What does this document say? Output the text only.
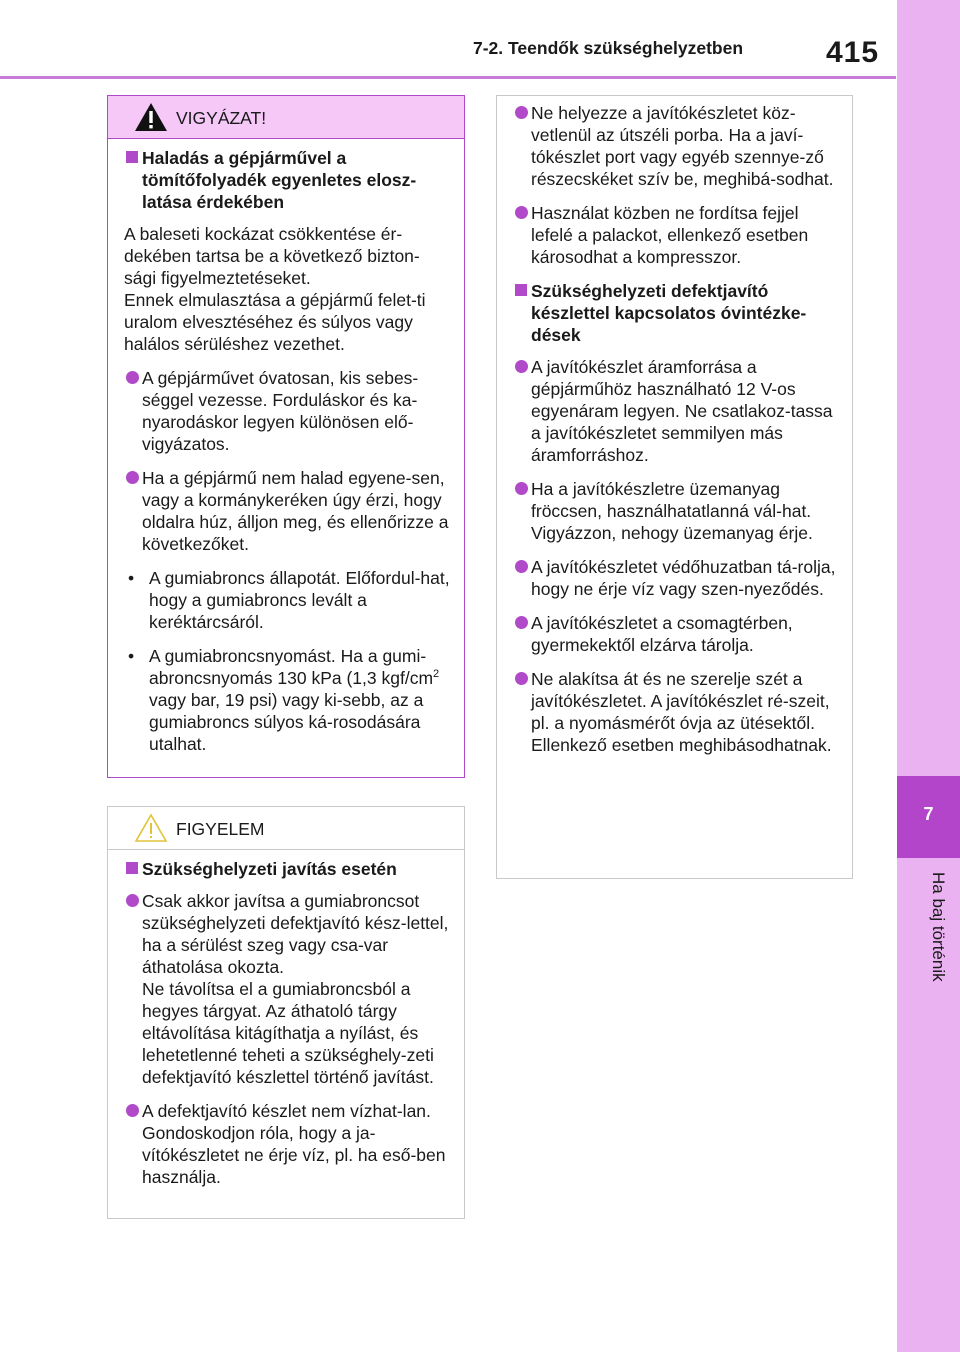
7-2. Teendők szükséghelyzetben	415
7
Ha baj történik
VIGYÁZAT!
Haladás a gépjárművel a tömítőfolyadék egyenletes elosz-latása érdekében

A baleseti kockázat csökkentése ér-dekében tartsa be a következő bizton-sági figyelmeztetéseket.

Ennek elmulasztása a gépjármű felet-ti uralom elvesztéséhez és súlyos vagy halálos sérüléshez vezethet.

A gépjárművet óvatosan, kis sebes-séggel vezesse. Forduláskor és ka-nyarodáskor legyen különösen elő-vigyázatos.
Ha a gépjármű nem halad egyene-sen, vagy a kormánykeréken úgy érzi, hogy oldalra húz, álljon meg, és ellenőrizze a következőket.
• A gumiabroncs állapotát. Előfordul-hat, hogy a gumiabroncs levált a keréktárcsáról.
• A gumiabroncsnyomást. Ha a gumi-abroncsnyomás 130 kPa (1,3 kgf/$cm^2$ vagy bar, 19 psi) vagy ki-sebb, az a gumiabroncs súlyos ká-rosodására utalhat.
FIGYELEM
Szükséghelyzeti javítás esetén
Csak akkor javítsa a gumiabroncsot szükséghelyzeti defektjavító kész-lettel, ha a sérülést szeg vagy csa-var áthatolása okozta.
Ne távolítsa el a gumiabroncsból a hegyes tárgyat. Az áthatoló tárgy eltávolítása kitágíthatja a nyílást, és lehetetlenné teheti a szükséghely-zeti defektjavító készlettel történő javítást.
A defektjavító készlet nem vízhat-lan. Gondoskodjon róla, hogy a ja-vítókészletet ne érje víz, pl. ha eső-ben használja.
Ne helyezze a javítókészletet köz-vetlenül az útszéli porba. Ha a javí-tókészlet port vagy egyéb szennye-ző részecskéket szív be, meghibá-sodhat.
Használat közben ne fordítsa fejjel lefelé a palackot, ellenkező esetben károsodhat a kompresszor.
Szükséghelyzeti defektjavító készlettel kapcsolatos óvintézke-dések
A javítókészlet áramforrása a gépjárműhöz használható 12 V-os egyenáram legyen. Ne csatlakoz-tassa a javítókészletet semmilyen más áramforráshoz.
Ha a javítókészletre üzemanyag fröccsen, használhatatlanná vál-hat. Vigyázzon, nehogy üzemanyag érje.
A javítókészletet védőhuzatban tá-rolja, hogy ne érje víz vagy szen-nyeződés.
A javítókészletet a csomagtérben, gyermekektől elzárva tárolja.
Ne alakítsa át és ne szerelje szét a javítókészletet. A javítókészlet ré-szeit, pl. a nyomásmérőt óvja az ütésektől. Ellenkező esetben meghibásodhatnak.
